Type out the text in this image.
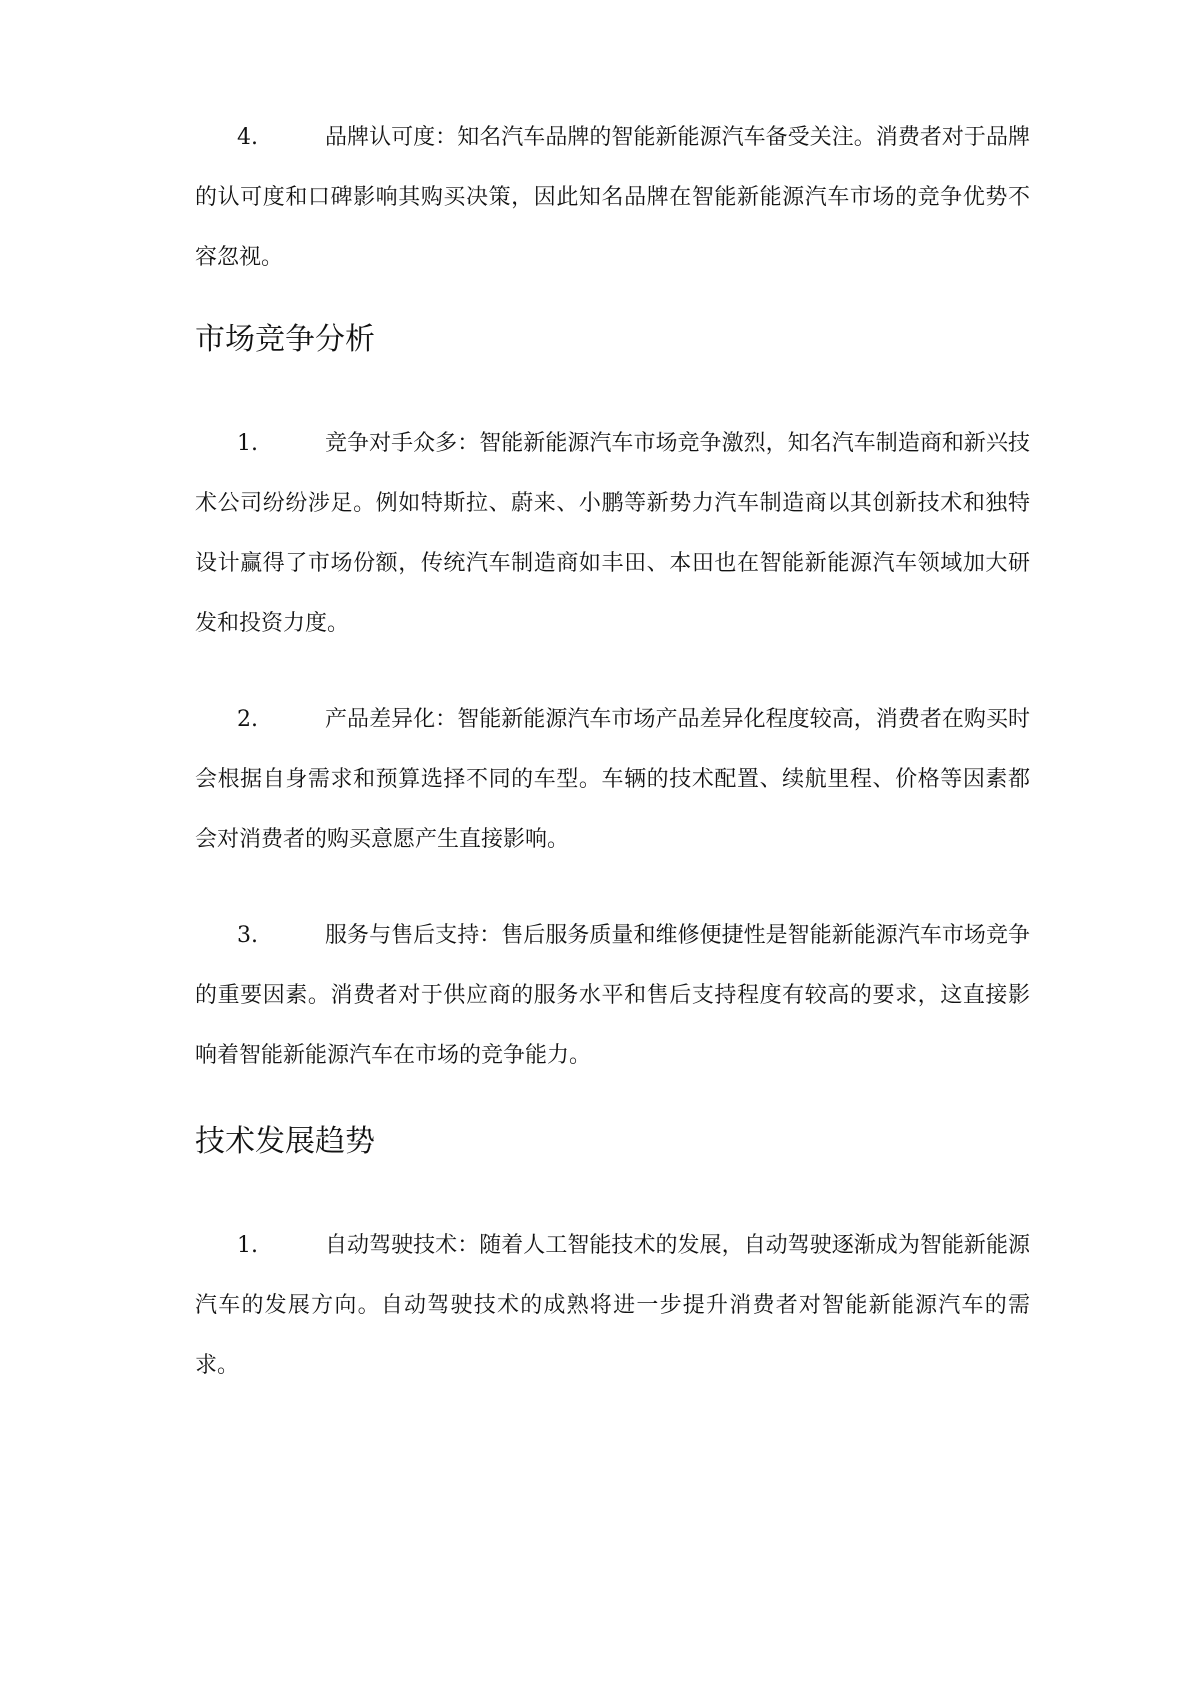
4.	品牌认可度：知名汽车品牌的智能新能源汽车备受关注。消费者对于品牌的认可度和口碑影响其购买决策，因此知名品牌在智能新能源汽车市场的竞争优势不容忽视。

市场竞争分析

1.	竞争对手众多：智能新能源汽车市场竞争激烈，知名汽车制造商和新兴技术公司纷纷涉足。例如特斯拉、蔚来、小鹏等新势力汽车制造商以其创新技术和独特设计赢得了市场份额，传统汽车制造商如丰田、本田也在智能新能源汽车领域加大研发和投资力度。

2.	产品差异化：智能新能源汽车市场产品差异化程度较高，消费者在购买时会根据自身需求和预算选择不同的车型。车辆的技术配置、续航里程、价格等因素都会对消费者的购买意愿产生直接影响。

3.	服务与售后支持：售后服务质量和维修便捷性是智能新能源汽车市场竞争的重要因素。消费者对于供应商的服务水平和售后支持程度有较高的要求，这直接影响着智能新能源汽车在市场的竞争能力。

技术发展趋势

1.	自动驾驶技术：随着人工智能技术的发展，自动驾驶逐渐成为智能新能源汽车的发展方向。自动驾驶技术的成熟将进一步提升消费者对智能新能源汽车的需求。
